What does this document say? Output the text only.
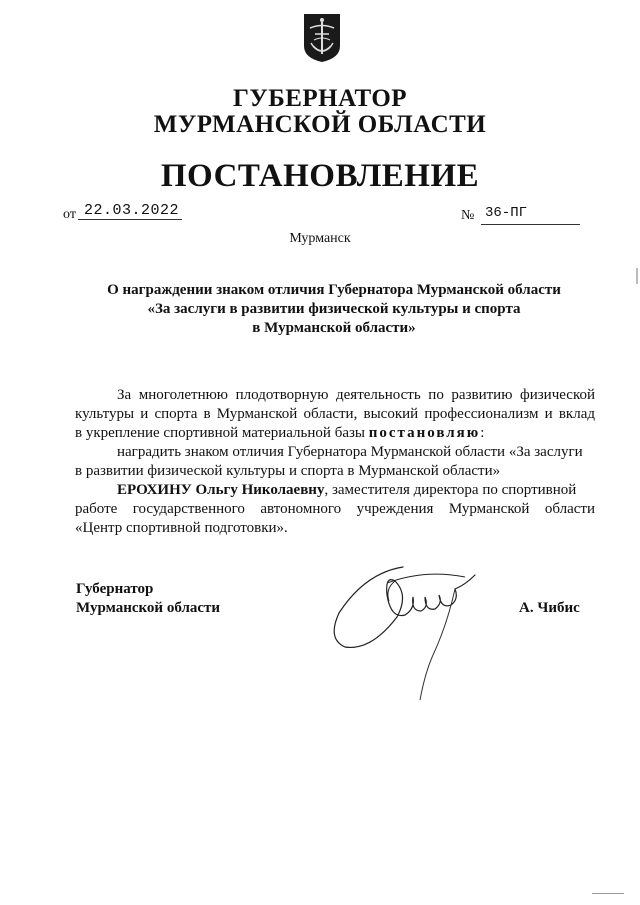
ГУБЕРНАТОР
МУРМАНСКОЙ ОБЛАСТИ
ПОСТАНОВЛЕНИЕ
от 22.03.2022	№ 36-ПГ
Мурманск
О награждении знаком отличия Губернатора Мурманской области
«За заслуги в развитии физической культуры и спорта
в Мурманской области»
За многолетнюю плодотворную деятельность по развитию физической
культуры и спорта в Мурманской области, высокий профессионализм и вклад
в укрепление спортивной материальной базы постановляю:
наградить знаком отличия Губернатора Мурманской области «За заслуги
в развитии физической культуры и спорта в Мурманской области»
ЕРОХИНУ Ольгу Николаевну, заместителя директора по спортивной
работе государственного автономного учреждения Мурманской области
«Центр спортивной подготовки».
Губернатор
Мурманской области	А. Чибис
